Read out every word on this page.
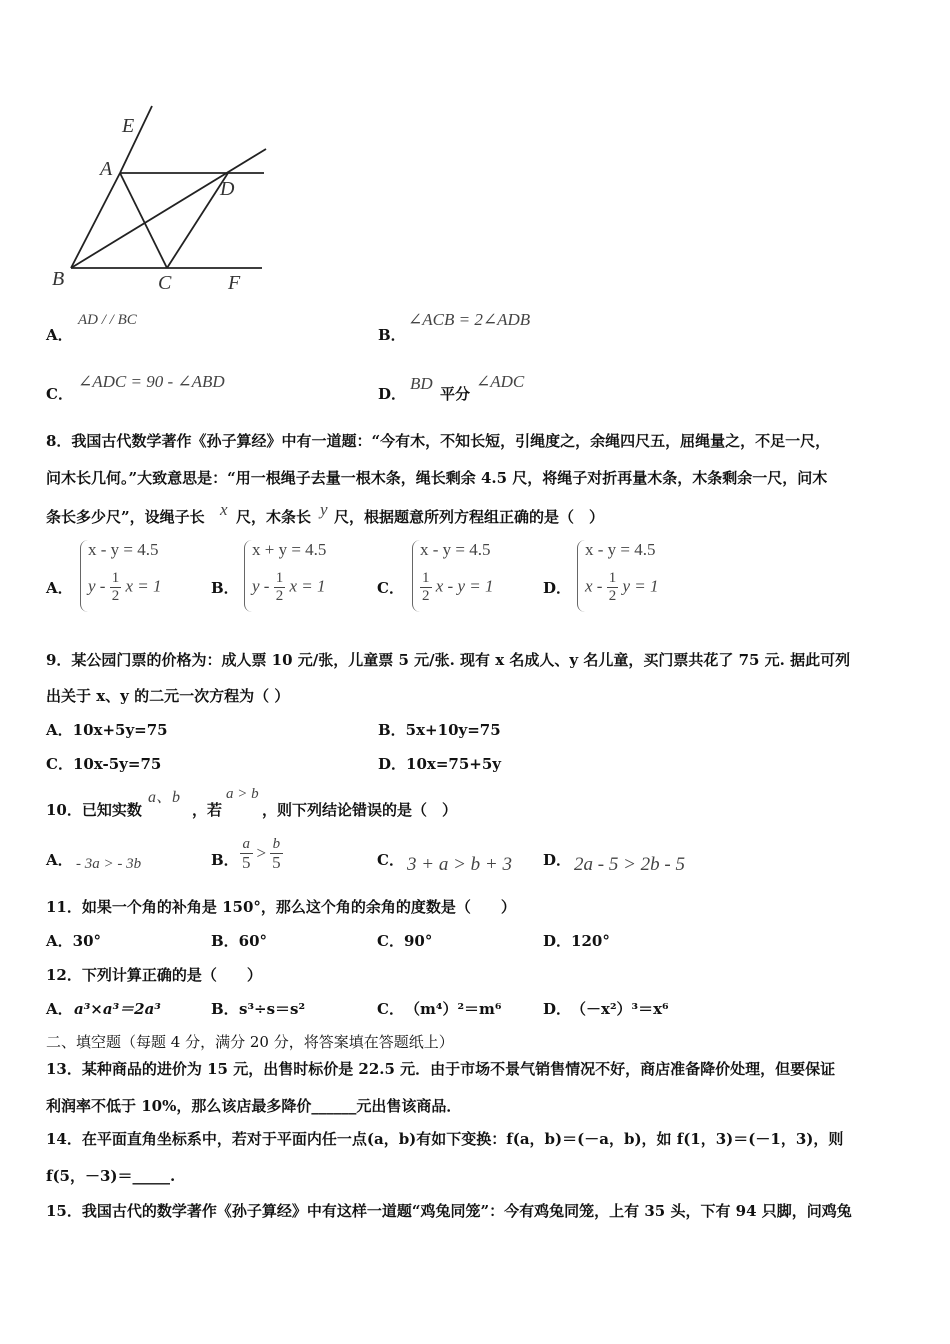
E
A
D
B	C	F
A．
AD / / BC
B．
∠ACB = 2∠ADB
C．
∠ADC = 90 - ∠ABD
D．
BD
平分
∠ADC
8．我国古代数学著作《孙子算经》中有一道题：“今有木，不知长短，引绳度之，余绳四尺五，屈绳量之，不足一尺，
问木长几何。”大致意思是：“用一根绳子去量一根木条，绳长剩余 4.5 尺，将绳子对折再量木条，木条剩余一尺，问木
条长多少尺”，设绳子长 x 尺，木条长 y 尺，根据题意所列方程组正确的是（　）
A．
x - y = 4.5
y - $\frac{1}{2}$ x = 1	B．
x + y = 4.5
y - $\frac{1}{2}$ x = 1	C．
x - y = 4.5
$\frac{1}{2}$ x - y = 1	D．
x - y = 4.5
x - $\frac{1}{2}$ y = 1
9．某公园门票的价格为：成人票 10 元/张，儿童票 5 元/张. 现有 x 名成人、y 名儿童，买门票共花了 75 元. 据此可列
出关于 x、y 的二元一次方程为（ ）
A．10x+5y=75	B．5x+10y=75
C．10x-5y=75	D．10x=75+5y
10．已知实数
a、b
，若
a > b
，则下列结论错误的是（　）
A． - 3a > - 3b	B． $\frac{a}{5} > \frac{b}{5}$	C． 3 + a > b + 3 D． 2a - 5 > 2b - 5
11．如果一个角的补角是 150°，那么这个角的余角的度数是（　　）
A．30°	B．60°	C．90°	D．120°
12．下列计算正确的是（　　）
A． a³×a³＝2a³	B． s³÷s＝s²	C． （m⁴）²＝m⁶	D． （－x²）³＝x⁶
二、填空题（每题 4 分，满分 20 分，将答案填在答题纸上）
13．某种商品的进价为 15 元，出售时标价是 22.5 元．由于市场不景气销售情况不好，商店准备降价处理，但要保证
利润率不低于 10%，那么该店最多降价______元出售该商品．
14．在平面直角坐标系中，若对于平面内任一点(a，b)有如下变换：f(a，b)＝(－a，b)，如 f(1，3)＝(－1，3)，则
f(5，－3)＝_____.
15．我国古代的数学著作《孙子算经》中有这样一道题“鸡兔同笼”：今有鸡兔同笼，上有 35 头，下有 94 只脚，问鸡兔
